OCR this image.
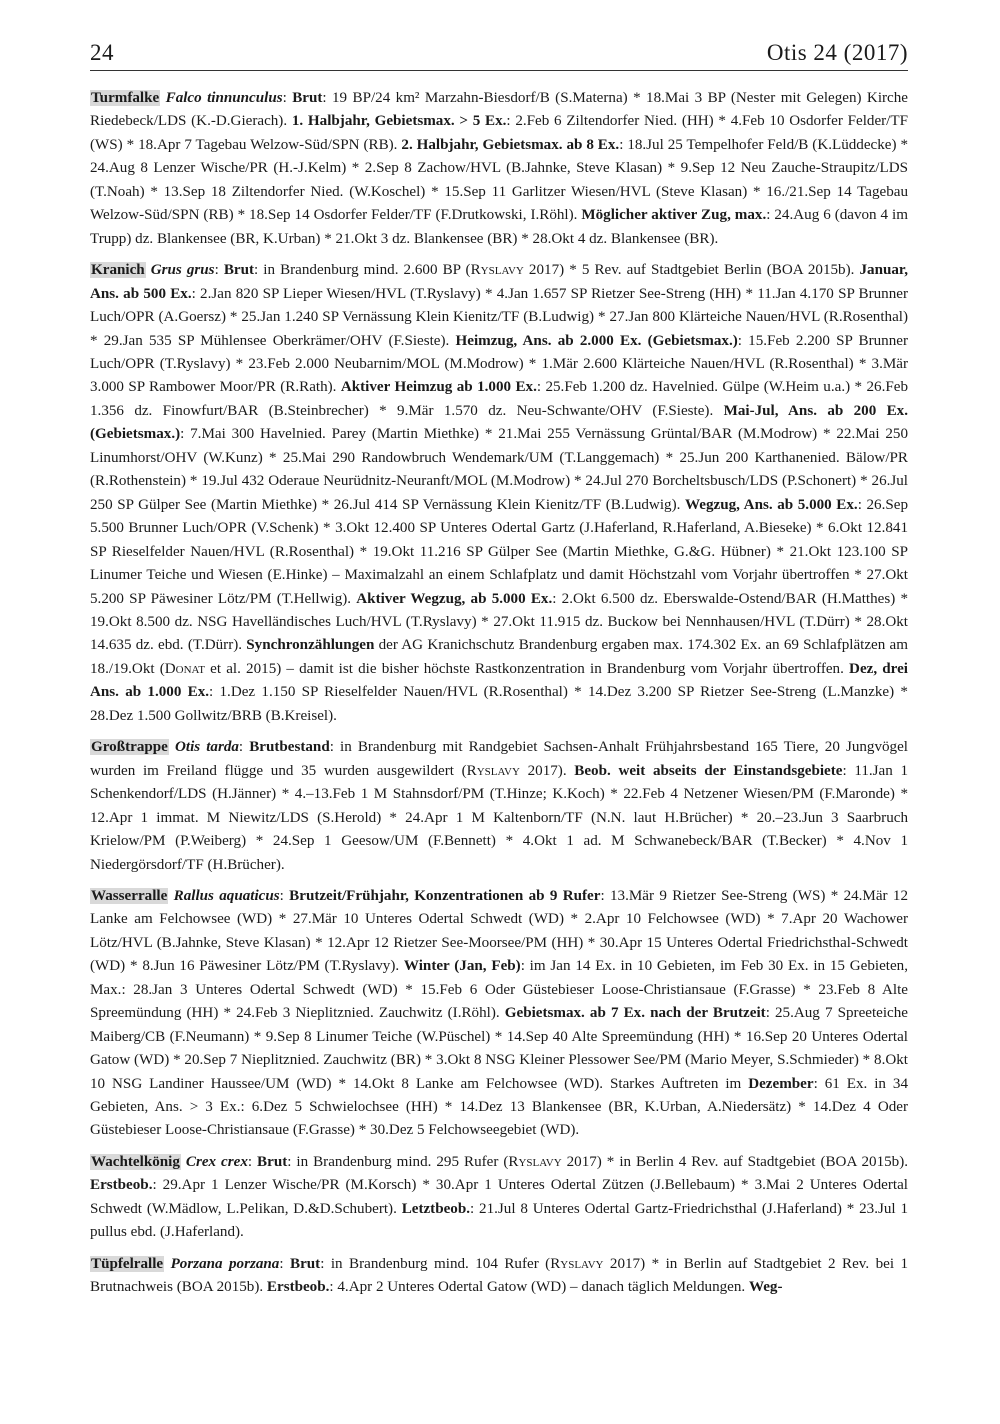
24	Otis 24 (2017)

Turmfalke Falco tinnunculus: Brut: 19 BP/24 km² Marzahn-Biesdorf/B (S.Materna) * 18.Mai 3 BP (Nester mit Gelegen) Kirche Riedebeck/LDS (K.-D.Gierach). 1. Halbjahr, Gebietsmax. > 5 Ex.: 2.Feb 6 Ziltendorfer Nied. (HH) * 4.Feb 10 Osdorfer Felder/TF (WS) * 18.Apr 7 Tagebau Welzow-Süd/SPN (RB). 2. Halbjahr, Gebietsmax. ab 8 Ex.: 18.Jul 25 Tempelhofer Feld/B (K.Lüddecke) * 24.Aug 8 Lenzer Wische/PR (H.-J.Kelm) * 2.Sep 8 Zachow/HVL (B.Jahnke, Steve Klasan) * 9.Sep 12 Neu Zauche-Straupitz/LDS (T.Noah) * 13.Sep 18 Ziltendorfer Nied. (W.Koschel) * 15.Sep 11 Garlitzer Wiesen/HVL (Steve Klasan) * 16./21.Sep 14 Tagebau Welzow-Süd/SPN (RB) * 18.Sep 14 Osdorfer Felder/TF (F.Drutkowski, I.Röhl). Möglicher aktiver Zug, max.: 24.Aug 6 (davon 4 im Trupp) dz. Blankensee (BR, K.Urban) * 21.Okt 3 dz. Blankensee (BR) * 28.Okt 4 dz. Blankensee (BR).

Kranich Grus grus: Brut: in Brandenburg mind. 2.600 BP (Ryslavy 2017) * 5 Rev. auf Stadtgebiet Berlin (BOA 2015b). Januar, Ans. ab 500 Ex.: 2.Jan 820 SP Lieper Wiesen/HVL (T.Ryslavy) * 4.Jan 1.657 SP Rietzer See-Streng (HH) * 11.Jan 4.170 SP Brunner Luch/OPR (A.Goersz) * 25.Jan 1.240 SP Vernässung Klein Kienitz/TF (B.Ludwig) * 27.Jan 800 Klärteiche Nauen/HVL (R.Rosenthal) * 29.Jan 535 SP Mühlensee Oberkrämer/OHV (F.Sieste). Heimzug, Ans. ab 2.000 Ex. (Gebietsmax.): 15.Feb 2.200 SP Brunner Luch/OPR (T.Ryslavy) * 23.Feb 2.000 Neubarnim/MOL (M.Modrow) * 1.Mär 2.600 Klärteiche Nauen/HVL (R.Rosenthal) * 3.Mär 3.000 SP Rambower Moor/PR (R.Rath). Aktiver Heimzug ab 1.000 Ex.: 25.Feb 1.200 dz. Havelnied. Gülpe (W.Heim u.a.) * 26.Feb 1.356 dz. Finowfurt/BAR (B.Steinbrecher) * 9.Mär 1.570 dz. Neu-Schwante/OHV (F.Sieste). Mai-Jul, Ans. ab 200 Ex. (Gebietsmax.): 7.Mai 300 Havelnied. Parey (Martin Miethke) * 21.Mai 255 Vernässung Grüntal/BAR (M.Modrow) * 22.Mai 250 Linumhorst/OHV (W.Kunz) * 25.Mai 290 Randowbruch Wendemark/UM (T.Langgemach) * 25.Jun 200 Karthanenied. Bälow/PR (R.Rothenstein) * 19.Jul 432 Oderaue Neurüdnitz-Neuranft/MOL (M.Modrow) * 24.Jul 270 Borcheltsbusch/LDS (P.Schonert) * 26.Jul 250 SP Gülper See (Martin Miethke) * 26.Jul 414 SP Vernässung Klein Kienitz/TF (B.Ludwig). Wegzug, Ans. ab 5.000 Ex.: 26.Sep 5.500 Brunner Luch/OPR (V.Schenk) * 3.Okt 12.400 SP Unteres Odertal Gartz (J.Haferland, R.Haferland, A.Bieseke) * 6.Okt 12.841 SP Rieselfelder Nauen/HVL (R.Rosenthal) * 19.Okt 11.216 SP Gülper See (Martin Miethke, G.&G. Hübner) * 21.Okt 123.100 SP Linumer Teiche und Wiesen (E.Hinke) – Maximalzahl an einem Schlafplatz und damit Höchstzahl vom Vorjahr übertroffen * 27.Okt 5.200 SP Päwesiner Lötz/PM (T.Hellwig). Aktiver Wegzug, ab 5.000 Ex.: 2.Okt 6.500 dz. Eberswalde-Ostend/BAR (H.Matthes) * 19.Okt 8.500 dz. NSG Havelländisches Luch/HVL (T.Ryslavy) * 27.Okt 11.915 dz. Buckow bei Nennhausen/HVL (T.Dürr) * 28.Okt 14.635 dz. ebd. (T.Dürr). Synchronzählungen der AG Kranichschutz Brandenburg ergaben max. 174.302 Ex. an 69 Schlafplätzen am 18./19.Okt (Donat et al. 2015) – damit ist die bisher höchste Rastkonzentration in Brandenburg vom Vorjahr übertroffen. Dez, drei Ans. ab 1.000 Ex.: 1.Dez 1.150 SP Rieselfelder Nauen/HVL (R.Rosenthal) * 14.Dez 3.200 SP Rietzer See-Streng (L.Manzke) * 28.Dez 1.500 Gollwitz/BRB (B.Kreisel).

Großtrappe Otis tarda: Brutbestand: in Brandenburg mit Randgebiet Sachsen-Anhalt Frühjahrsbestand 165 Tiere, 20 Jungvögel wurden im Freiland flügge und 35 wurden ausgewildert (Ryslavy 2017). Beob. weit abseits der Einstandsgebiete: 11.Jan 1 Schenkendorf/LDS (H.Jänner) * 4.–13.Feb 1 M Stahnsdorf/PM (T.Hinze; K.Koch) * 22.Feb 4 Netzener Wiesen/PM (F.Maronde) * 12.Apr 1 immat. M Niewitz/LDS (S.Herold) * 24.Apr 1 M Kaltenborn/TF (N.N. laut H.Brücher) * 20.–23.Jun 3 Saarbruch Krielow/PM (P.Weiberg) * 24.Sep 1 Geesow/UM (F.Bennett) * 4.Okt 1 ad. M Schwanebeck/BAR (T.Becker) * 4.Nov 1 Niedergörsdorf/TF (H.Brücher).

Wasserralle Rallus aquaticus: Brutzeit/Frühjahr, Konzentrationen ab 9 Rufer: 13.Mär 9 Rietzer See-Streng (WS) * 24.Mär 12 Lanke am Felchowsee (WD) * 27.Mär 10 Unteres Odertal Schwedt (WD) * 2.Apr 10 Felchowsee (WD) * 7.Apr 20 Wachower Lötz/HVL (B.Jahnke, Steve Klasan) * 12.Apr 12 Rietzer See-Moorsee/PM (HH) * 30.Apr 15 Unteres Odertal Friedrichsthal-Schwedt (WD) * 8.Jun 16 Päwesiner Lötz/PM (T.Ryslavy). Winter (Jan, Feb): im Jan 14 Ex. in 10 Gebieten, im Feb 30 Ex. in 15 Gebieten, Max.: 28.Jan 3 Unteres Odertal Schwedt (WD) * 15.Feb 6 Oder Güstebieser Loose-Christiansaue (F.Grasse) * 23.Feb 8 Alte Spreemündung (HH) * 24.Feb 3 Nieplitznied. Zauchwitz (I.Röhl). Gebietsmax. ab 7 Ex. nach der Brutzeit: 25.Aug 7 Spreeteiche Maiberg/CB (F.Neumann) * 9.Sep 8 Linumer Teiche (W.Püschel) * 14.Sep 40 Alte Spreemündung (HH) * 16.Sep 20 Unteres Odertal Gatow (WD) * 20.Sep 7 Nieplitznied. Zauchwitz (BR) * 3.Okt 8 NSG Kleiner Plessower See/PM (Mario Meyer, S.Schmieder) * 8.Okt 10 NSG Landiner Haussee/UM (WD) * 14.Okt 8 Lanke am Felchowsee (WD). Starkes Auftreten im Dezember: 61 Ex. in 34 Gebieten, Ans. > 3 Ex.: 6.Dez 5 Schwielochsee (HH) * 14.Dez 13 Blankensee (BR, K.Urban, A.Niedersätz) * 14.Dez 4 Oder Güstebieser Loose-Christiansaue (F.Grasse) * 30.Dez 5 Felchowseegebiet (WD).

Wachtelkönig Crex crex: Brut: in Brandenburg mind. 295 Rufer (Ryslavy 2017) * in Berlin 4 Rev. auf Stadtgebiet (BOA 2015b). Erstbeob.: 29.Apr 1 Lenzer Wische/PR (M.Korsch) * 30.Apr 1 Unteres Odertal Zützen (J.Bellebaum) * 3.Mai 2 Unteres Odertal Schwedt (W.Mädlow, L.Pelikan, D.&D.Schubert). Letztbeob.: 21.Jul 8 Unteres Odertal Gartz-Friedrichsthal (J.Haferland) * 23.Jul 1 pullus ebd. (J.Haferland).

Tüpfelralle Porzana porzana: Brut: in Brandenburg mind. 104 Rufer (Ryslavy 2017) * in Berlin auf Stadtgebiet 2 Rev. bei 1 Brutnachweis (BOA 2015b). Erstbeob.: 4.Apr 2 Unteres Odertal Gatow (WD) – danach täglich Meldungen. Weg-
